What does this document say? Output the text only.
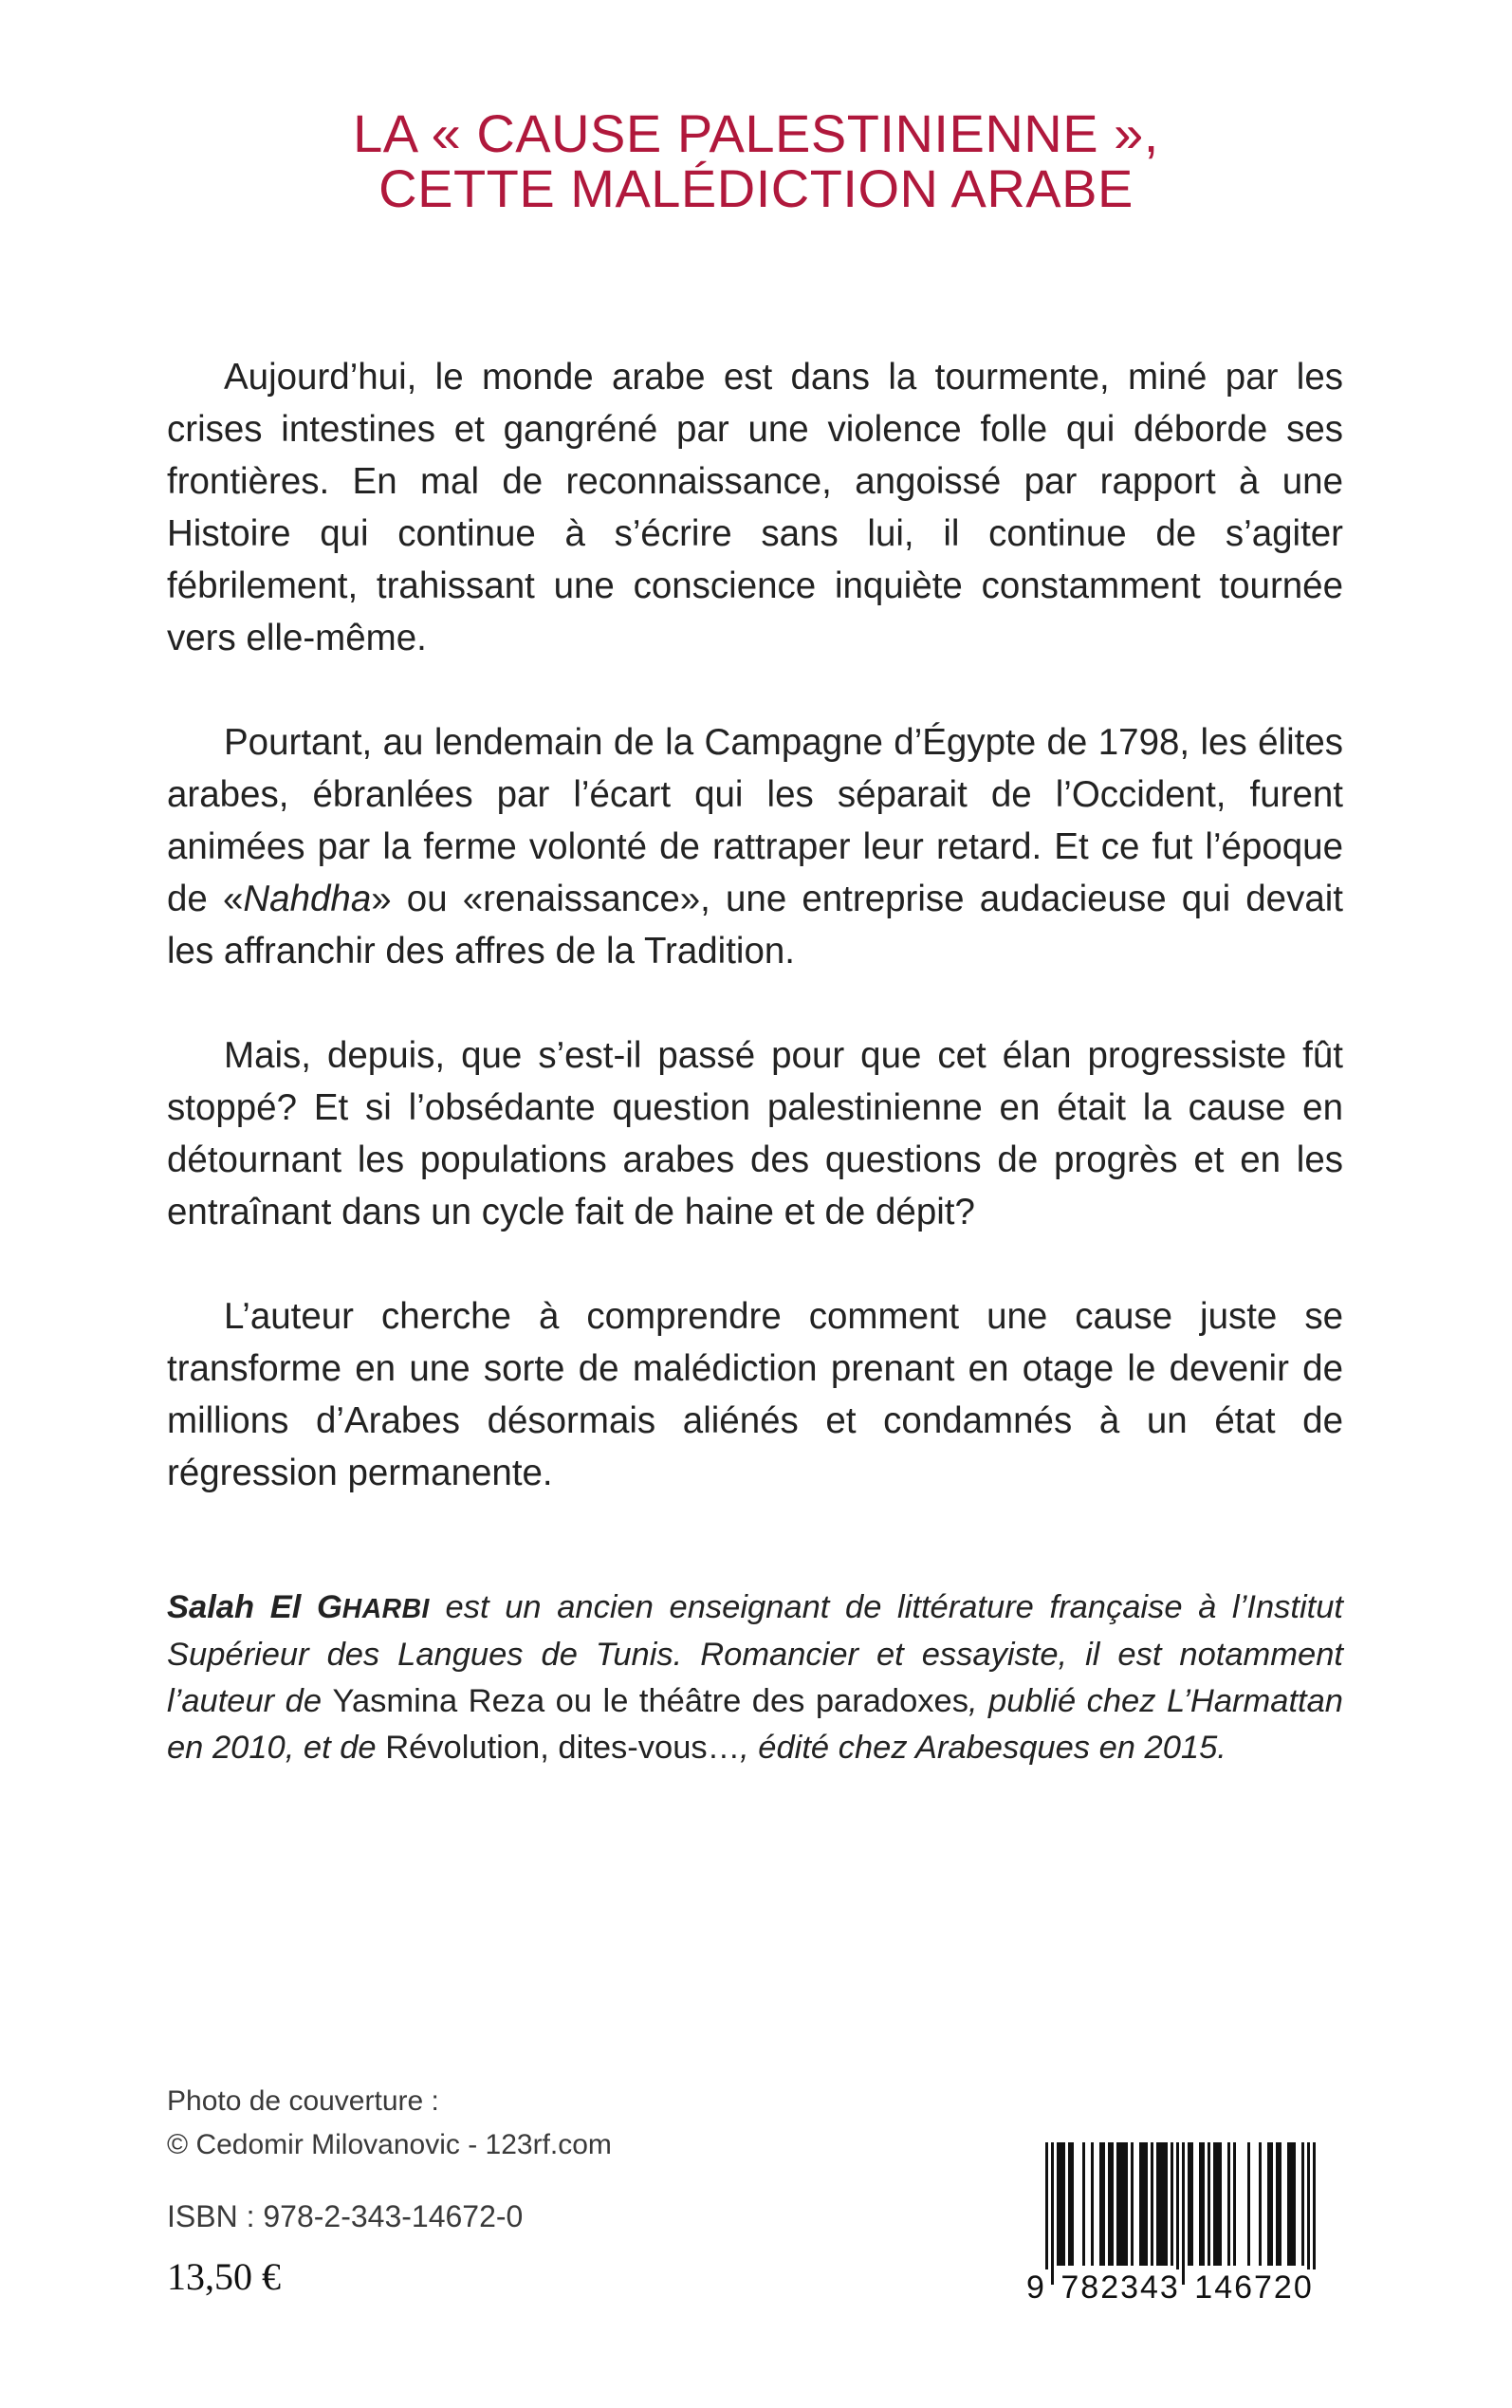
LA « CAUSE PALESTINIENNE »,
CETTE MALÉDICTION ARABE

Aujourd’hui, le monde arabe est dans la tourmente, miné par les crises intestines et gangréné par une violence folle qui déborde ses frontières. En mal de reconnaissance, angoissé par rapport à une Histoire qui continue à s’écrire sans lui, il continue de s’agiter fébrilement, trahissant une conscience inquiète constamment tournée vers elle-même.

Pourtant, au lendemain de la Campagne d’Égypte de 1798, les élites arabes, ébranlées par l’écart qui les séparait de l’Occident, furent animées par la ferme volonté de rattraper leur retard. Et ce fut l’époque de «Nahdha» ou «renaissance», une entreprise audacieuse qui devait les affranchir des affres de la Tradition.

Mais, depuis, que s’est-il passé pour que cet élan progressiste fût stoppé? Et si l’obsédante question palestinienne en était la cause en détournant les populations arabes des questions de progrès et en les entraînant dans un cycle fait de haine et de dépit?

L’auteur cherche à comprendre comment une cause juste se transforme en une sorte de malédiction prenant en otage le devenir de millions d’Arabes désormais aliénés et condamnés à un état de régression permanente.

Salah El GHARBI est un ancien enseignant de littérature française à l’Institut Supérieur des Langues de Tunis. Romancier et essayiste, il est notamment l’auteur de Yasmina Reza ou le théâtre des paradoxes, publié chez L’Harmattan en 2010, et de Révolution, dites-vous…, édité chez Arabesques en 2015.
Photo de couverture :
© Cedomir Milovanovic - 123rf.com
ISBN : 978-2-343-14672-0
13,50 €	9 782343 146720
